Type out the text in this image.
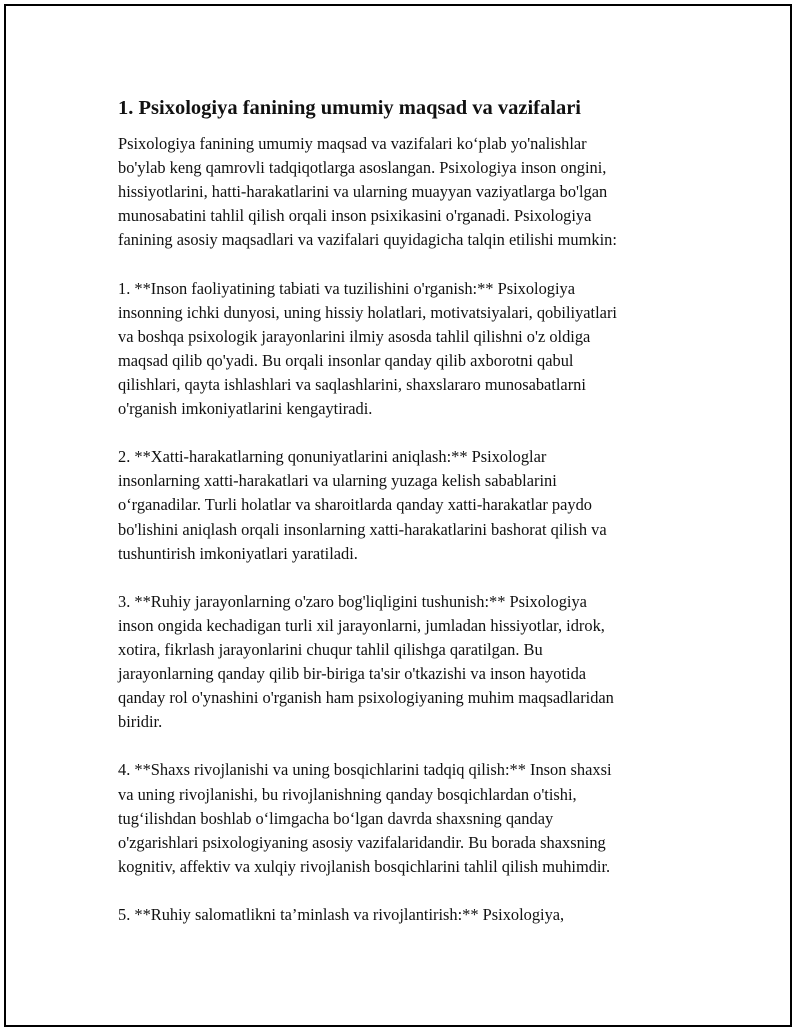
1. Psixologiya fanining umumiy maqsad va vazifalari

Psixologiya fanining umumiy maqsad va vazifalari ko‘plab yo'nalishlar
bo'ylab keng qamrovli tadqiqotlarga asoslangan. Psixologiya inson ongini,
hissiyotlarini, hatti-harakatlarini va ularning muayyan vaziyatlarga bo'lgan
munosabatini tahlil qilish orqali inson psixikasini o'rganadi. Psixologiya
fanining asosiy maqsadlari va vazifalari quyidagicha talqin etilishi mumkin:

1. **Inson faoliyatining tabiati va tuzilishini o'rganish:** Psixologiya
insonning ichki dunyosi, uning hissiy holatlari, motivatsiyalari, qobiliyatlari
va boshqa psixologik jarayonlarini ilmiy asosda tahlil qilishni o'z oldiga
maqsad qilib qo'yadi. Bu orqali insonlar qanday qilib axborotni qabul
qilishlari, qayta ishlashlari va saqlashlarini, shaxslararo munosabatlarni
o'rganish imkoniyatlarini kengaytiradi.

2. **Xatti-harakatlarning qonuniyatlarini aniqlash:** Psixologlar
insonlarning xatti-harakatlari va ularning yuzaga kelish sabablarini
o‘rganadilar. Turli holatlar va sharoitlarda qanday xatti-harakatlar paydo
bo'lishini aniqlash orqali insonlarning xatti-harakatlarini bashorat qilish va
tushuntirish imkoniyatlari yaratiladi.

3. **Ruhiy jarayonlarning o'zaro bog'liqligini tushunish:** Psixologiya
inson ongida kechadigan turli xil jarayonlarni, jumladan hissiyotlar, idrok,
xotira, fikrlash jarayonlarini chuqur tahlil qilishga qaratilgan. Bu
jarayonlarning qanday qilib bir-biriga ta'sir o'tkazishi va inson hayotida
qanday rol o'ynashini o'rganish ham psixologiyaning muhim maqsadlaridan
biridir.

4. **Shaxs rivojlanishi va uning bosqichlarini tadqiq qilish:** Inson shaxsi
va uning rivojlanishi, bu rivojlanishning qanday bosqichlardan o'tishi,
tug‘ilishdan boshlab o‘limgacha bo‘lgan davrda shaxsning qanday
o'zgarishlari psixologiyaning asosiy vazifalaridandir. Bu borada shaxsning
kognitiv, affektiv va xulqiy rivojlanish bosqichlarini tahlil qilish muhimdir.

5. **Ruhiy salomatlikni ta’minlash va rivojlantirish:** Psixologiya,
